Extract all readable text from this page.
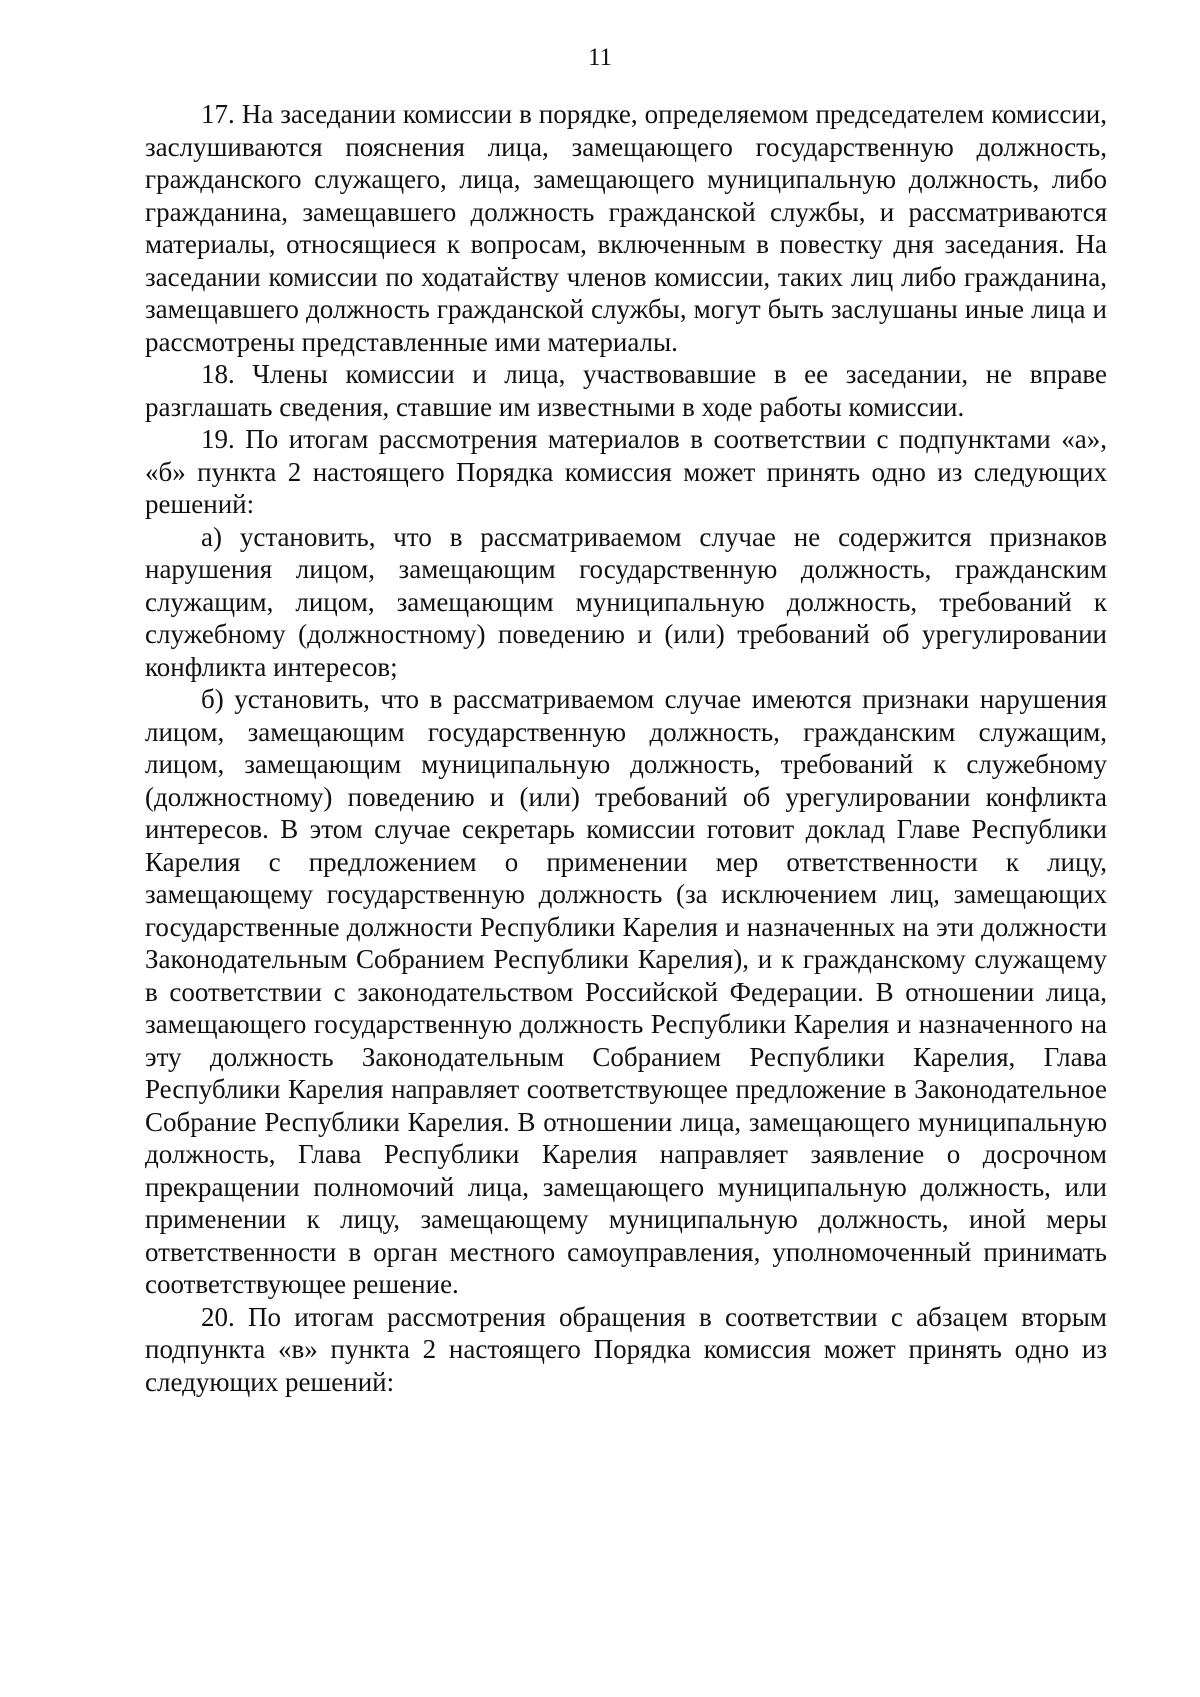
11

17. На заседании комиссии в порядке, определяемом председателем комиссии, заслушиваются пояснения лица, замещающего государственную должность, гражданского служащего, лица, замещающего муниципальную должность, либо гражданина, замещавшего должность гражданской службы, и рассматриваются материалы, относящиеся к вопросам, включенным в повестку дня заседания. На заседании комиссии по ходатайству членов комиссии, таких лиц либо гражданина, замещавшего должность гражданской службы, могут быть заслушаны иные лица и рассмотрены представленные ими материалы.

18. Члены комиссии и лица, участвовавшие в ее заседании, не вправе разглашать сведения, ставшие им известными в ходе работы комиссии.

19. По итогам рассмотрения материалов в соответствии с подпунктами «а», «б» пункта 2 настоящего Порядка комиссия может принять одно из следующих решений:

а) установить, что в рассматриваемом случае не содержится признаков нарушения лицом, замещающим государственную должность, гражданским служащим, лицом, замещающим муниципальную должность, требований к служебному (должностному) поведению и (или) требований об урегулировании конфликта интересов;

б) установить, что в рассматриваемом случае имеются признаки нарушения лицом, замещающим государственную должность, гражданским служащим, лицом, замещающим муниципальную должность, требований к служебному (должностному) поведению и (или) требований об урегулировании конфликта интересов. В этом случае секретарь комиссии готовит доклад Главе Республики Карелия с предложением о применении мер ответственности к лицу, замещающему государственную должность (за исключением лиц, замещающих государственные должности Республики Карелия и назначенных на эти должности Законодательным Собранием Республики Карелия), и к гражданскому служащему в соответствии с законодательством Российской Федерации. В отношении лица, замещающего государственную должность Республики Карелия и назначенного на эту должность Законодательным Собранием Республики Карелия, Глава Республики Карелия направляет соответствующее предложение в Законодательное Собрание Республики Карелия. В отношении лица, замещающего муниципальную должность, Глава Республики Карелия направляет заявление о досрочном прекращении полномочий лица, замещающего муниципальную должность, или применении к лицу, замещающему муниципальную должность, иной меры ответственности в орган местного самоуправления, уполномоченный принимать соответствующее решение.

20. По итогам рассмотрения обращения в соответствии с абзацем вторым подпункта «в» пункта 2 настоящего Порядка комиссия может принять одно из следующих решений:
